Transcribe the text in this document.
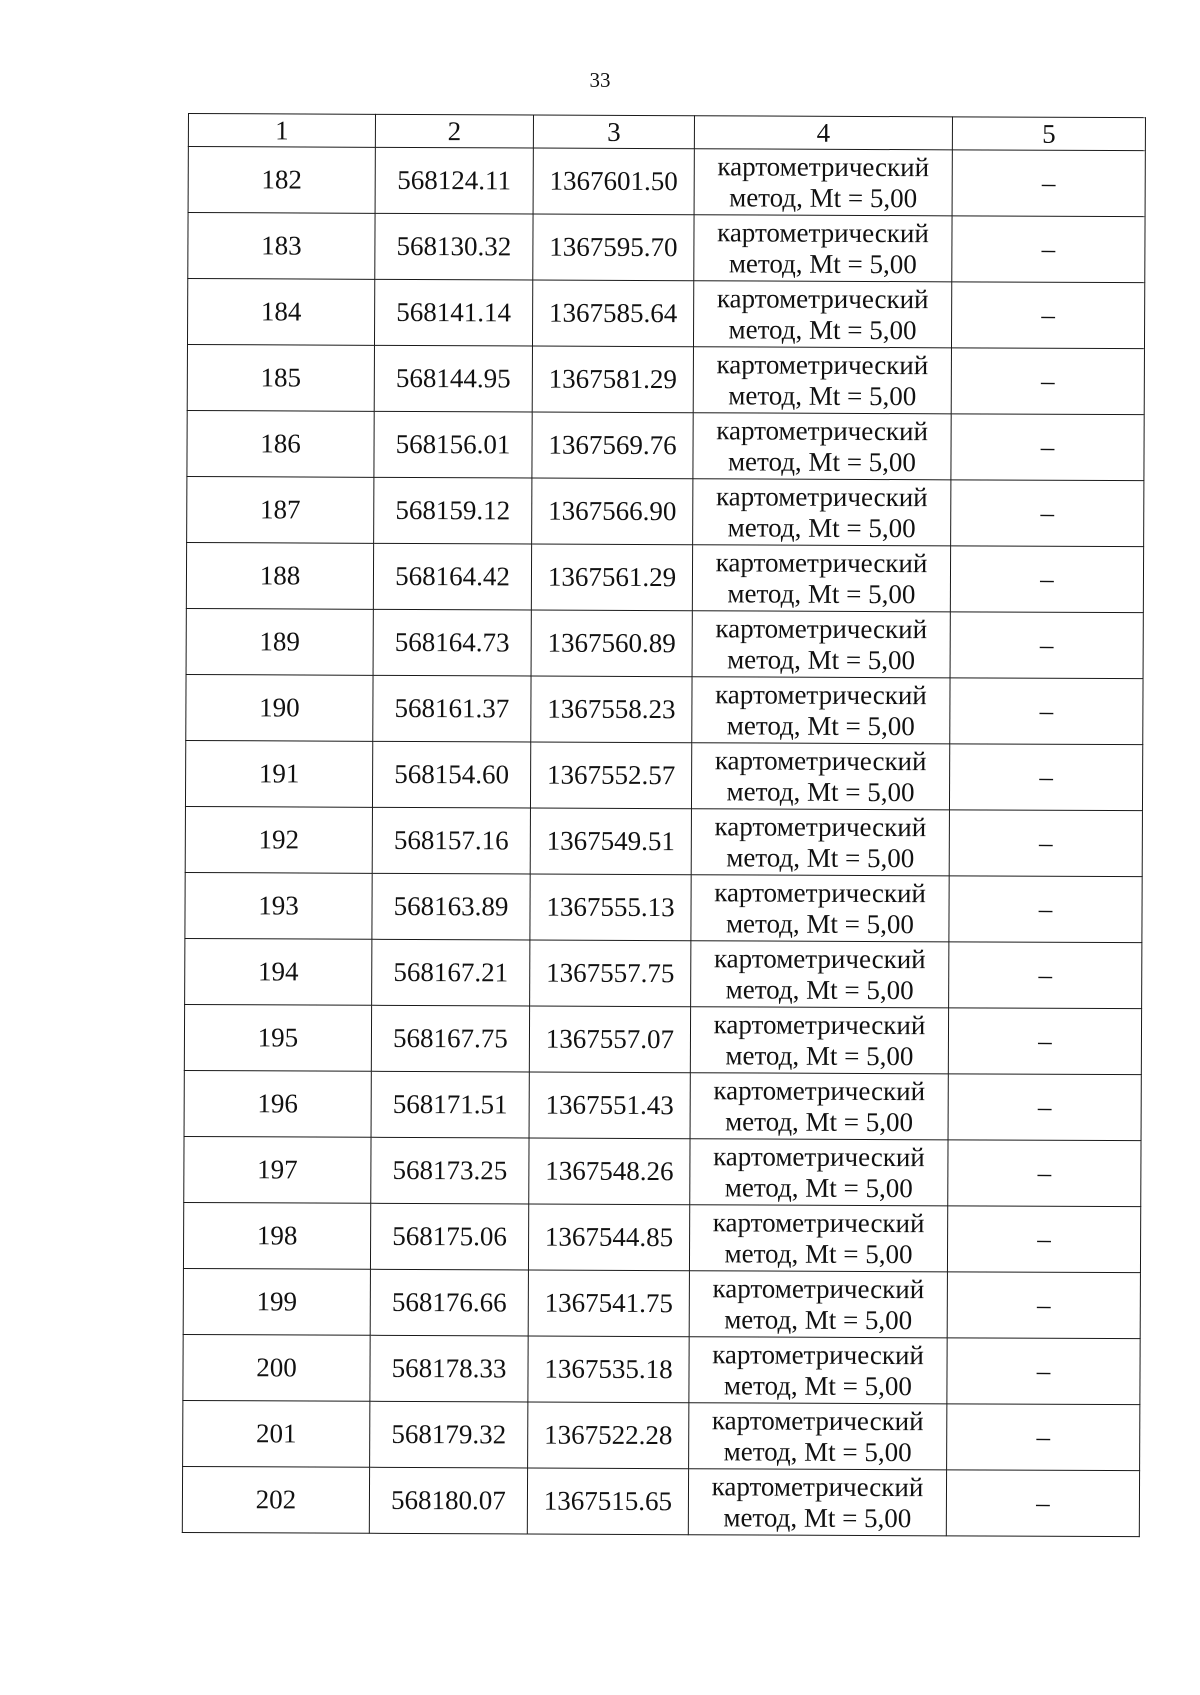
33
1	2	3	4	5
182	568124.11	1367601.50	картометрический
метод, Mt = 5,00	–
183	568130.32	1367595.70	картометрический
метод, Mt = 5,00	–
184	568141.14	1367585.64	картометрический
метод, Mt = 5,00	–
185	568144.95	1367581.29	картометрический
метод, Mt = 5,00	–
186	568156.01	1367569.76	картометрический
метод, Mt = 5,00	–
187	568159.12	1367566.90	картометрический
метод, Mt = 5,00	–
188	568164.42	1367561.29	картометрический
метод, Mt = 5,00	–
189	568164.73	1367560.89	картометрический
метод, Mt = 5,00	–
190	568161.37	1367558.23	картометрический
метод, Mt = 5,00	–
191	568154.60	1367552.57	картометрический
метод, Mt = 5,00	–
192	568157.16	1367549.51	картометрический
метод, Mt = 5,00	–
193	568163.89	1367555.13	картометрический
метод, Mt = 5,00	–
194	568167.21	1367557.75	картометрический
метод, Mt = 5,00	–
195	568167.75	1367557.07	картометрический
метод, Mt = 5,00	–
196	568171.51	1367551.43	картометрический
метод, Mt = 5,00	–
197	568173.25	1367548.26	картометрический
метод, Mt = 5,00	–
198	568175.06	1367544.85	картометрический
метод, Mt = 5,00	–
199	568176.66	1367541.75	картометрический
метод, Mt = 5,00	–
200	568178.33	1367535.18	картометрический
метод, Mt = 5,00	–
201	568179.32	1367522.28	картометрический
метод, Mt = 5,00	–
202	568180.07	1367515.65	картометрический
метод, Mt = 5,00	–
